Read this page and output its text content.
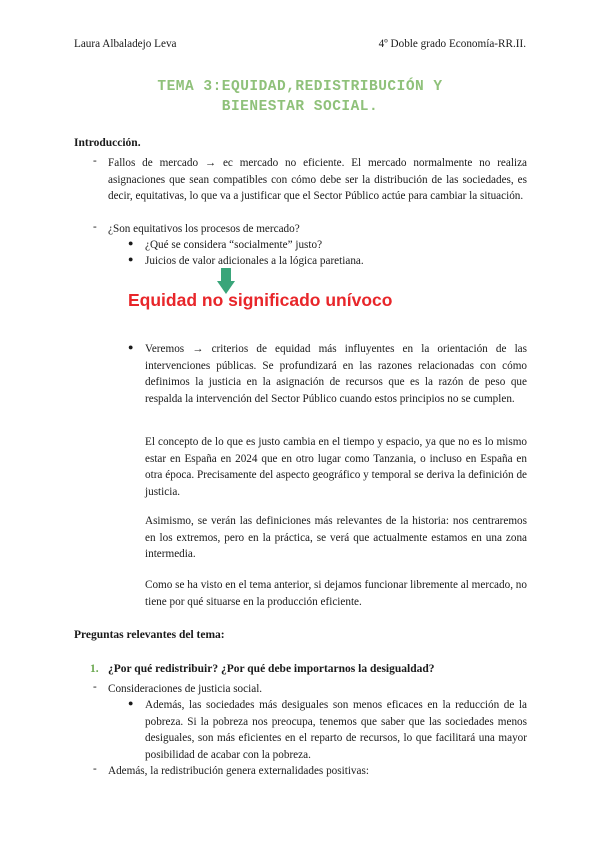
Laura Albaladejo Leva	4º Doble grado Economía-RR.II.
TEMA 3:EQUIDAD,REDISTRIBUCIÓN Y
BIENESTAR SOCIAL.
Introducción.
- Fallos de mercado → ec mercado no eficiente. El mercado normalmente no realiza asignaciones que sean compatibles con cómo debe ser la distribución de las sociedades, es decir, equitativas, lo que va a justificar que el Sector Público actúe para cambiar la situación.
- ¿Son equitativos los procesos de mercado?
● ¿Qué se considera “socialmente” justo?
● Juicios de valor adicionales a la lógica paretiana.
Equidad no significado unívoco
● Veremos → criterios de equidad más influyentes en la orientación de las intervenciones públicas. Se profundizará en las razones relacionadas con cómo definimos la justicia en la asignación de recursos que es la razón de peso que respalda la intervención del Sector Público cuando estos principios no se cumplen.
El concepto de lo que es justo cambia en el tiempo y espacio, ya que no es lo mismo estar en España en 2024 que en otro lugar como Tanzania, o incluso en España en otra época. Precisamente del aspecto geográfico y temporal se deriva la definición de justicia.
Asimismo, se verán las definiciones más relevantes de la historia: nos centraremos en los extremos, pero en la práctica, se verá que actualmente estamos en una zona intermedia.
Como se ha visto en el tema anterior, si dejamos funcionar libremente al mercado, no tiene por qué situarse en la producción eficiente.
Preguntas relevantes del tema:
1. ¿Por qué redistribuir? ¿Por qué debe importarnos la desigualdad?
- Consideraciones de justicia social.
● Además, las sociedades más desiguales son menos eficaces en la reducción de la pobreza. Si la pobreza nos preocupa, tenemos que saber que las sociedades menos desiguales, son más eficientes en el reparto de recursos, lo que facilitará una mayor posibilidad de acabar con la pobreza.
- Además, la redistribución genera externalidades positivas:
